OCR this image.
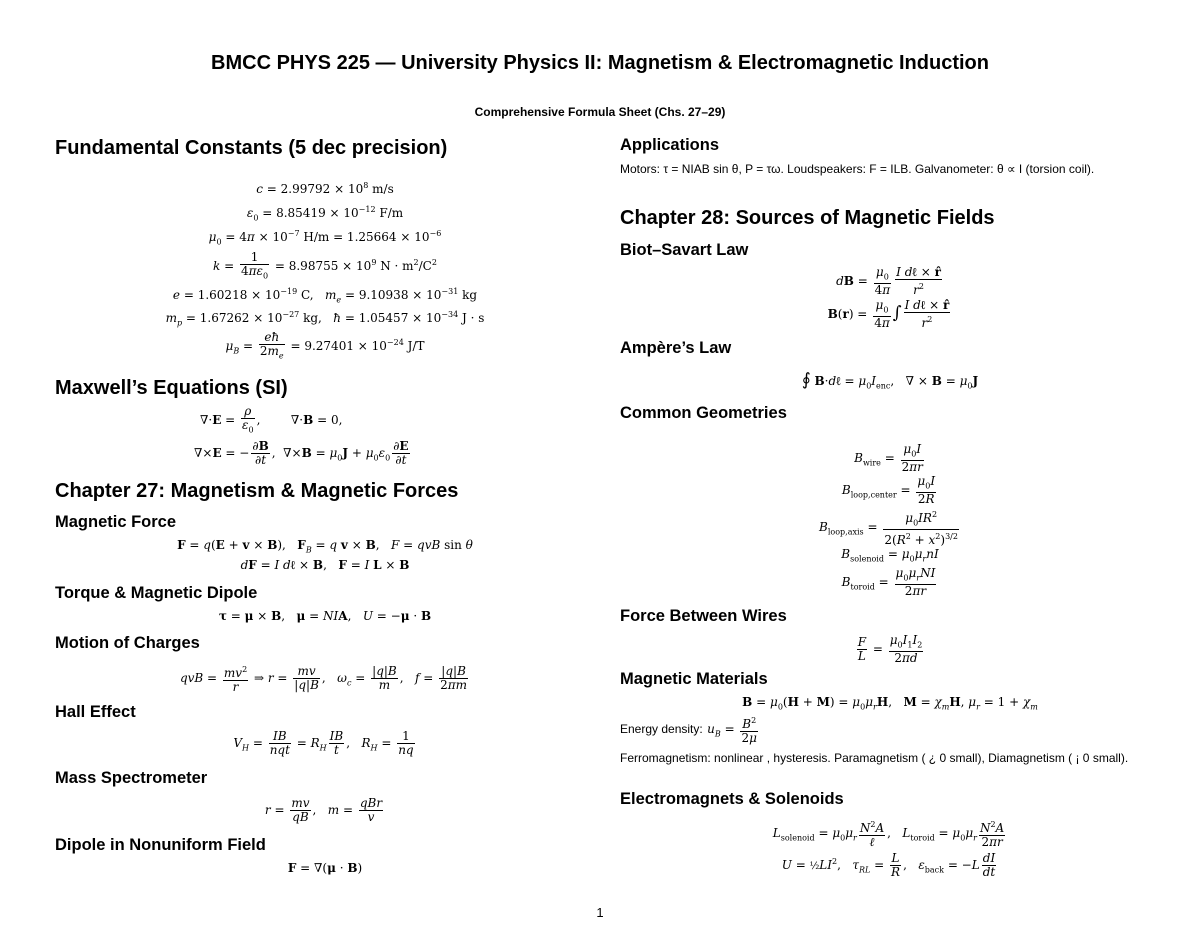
BMCC PHYS 225 — University Physics II: Magnetism & Electromagnetic Induction
Comprehensive Formula Sheet (Chs. 27–29)
Fundamental Constants (5 dec precision)
$c = 2.99792 \times 10^8$ m/s
$\varepsilon_0 = 8.85419 \times 10^{-12}$ F/m
$\mu_0 = 4\pi \times 10^{-7}$ $H/m = 1.25664 \times 10^{-6}$
$k = \frac{1}{4\pi\varepsilon_0} = 8.98755 \times 10^9$ $N \cdot m^2/C^2$
$e = 1.60218 \times 10^{-19}$ C,   $m_e = 9.10938 \times 10^{-31}$ kg
$m_p = 1.67262 \times 10^{-27}$ kg,   ħ = $1.05457 \times 10^{-34}$ J · s
$\mu_B = \frac{eħ}{2m_e} = 9.27401 \times 10^{-24}$ J/T
Maxwell’s Equations (SI)
$\nabla\cdot E = \frac{\rho}{\varepsilon_0}$ ,        ∇·B = 0,
∇×E = − $\frac{\partial B}{\partial t}$ ,  $\nabla\times B = \mu_0J + \mu_0\varepsilon_0 \frac{\partial E}{\partial t}$
Chapter 27: Magnetism & Magnetic Forces
Magnetic Force
F = q(E + v × B),   $F_B = q$ v × B,   F = qvB sin θ
dF = I dℓ × B,   F = I L × B
Torque & Magnetic Dipole
τ = μ × B,   μ = NIA,   U = −μ · B
Motion of Charges
qvB = $\frac{mv^2}{r}$ ⇒ $r = \frac{mv}{|q|B}$ ,   $\omega_c = \frac{|q|B}{m}$ ,   $f = \frac{|q|B}{2\pi m}$
Hall Effect
$V_H = \frac{IB}{\text{nqt}} = R_H \frac{IB}{t}$ ,   $R_H = \frac{1}{nq}$
Mass Spectrometer
$r = \frac{mv}{qB}$ ,   $m = \frac{\text{qBr}}{v}$
Dipole in Nonuniform Field
F = ∇(μ · B)
Applications
Motors: τ = NIAB sin θ, P = τω. Loudspeakers: F = ILB. Galvanometer: θ ∝ I (torsion coil).
Chapter 28: Sources of Magnetic Fields
Biot–Savart Law
dB = $\frac{\mu_0}{4\pi} \frac{\text{I dℓ × r̂}}{r^2}$
$B(r) = \frac{\mu_0}{4\pi}$ ∫ $\frac{\text{I dℓ × r̂}}{r^2}$
Ampère’s Law
∮ B·dℓ = $\mu_0I_{enc}$,   ∇ × $B = \mu_0J$
Common Geometries
$B_{wire} = \frac{\mu_0I}{2\pi r}$
$B_{loop,center} = \frac{\mu_0I}{2R}$
$B_{loop,axis} = \frac{\mu_0IR^2}{2(R^2 + x^2)^{3/2}}$
$B_{solenoid} = \mu_0\mu_rnI$
$B_{toroid} = \frac{\mu_0\mu_rNI}{2\pi r}$
Force Between Wires
$\frac{F}{L} = \frac{\mu_0I_1I_2}{2\pi d}$
Magnetic Materials
$B = \mu_0(H + M) = \mu_0\mu_rH$,   $M = \chi_mH$, $\mu_r = 1 + \chi_m$
Energy density: $u_B = \frac{B^2}{2\mu}$
Ferromagnetism: nonlinear , hysteresis. Paramagnetism ( ¿ 0 small), Diamagnetism ( ¡ 0 small).
Electromagnets & Solenoids
$L_{solenoid} = \mu_0\mu_r \frac{N^2A}{\text{ℓ}}$ ,   $L_{toroid} = \mu_0\mu_r \frac{N^2A}{2\pi r}$
$U = \frac{1}{2}LI^2$,   $\tau_{RL} = \frac{L}{R}$ ,   $\varepsilon_{back} = -L \frac{dI}{dt}$
1
